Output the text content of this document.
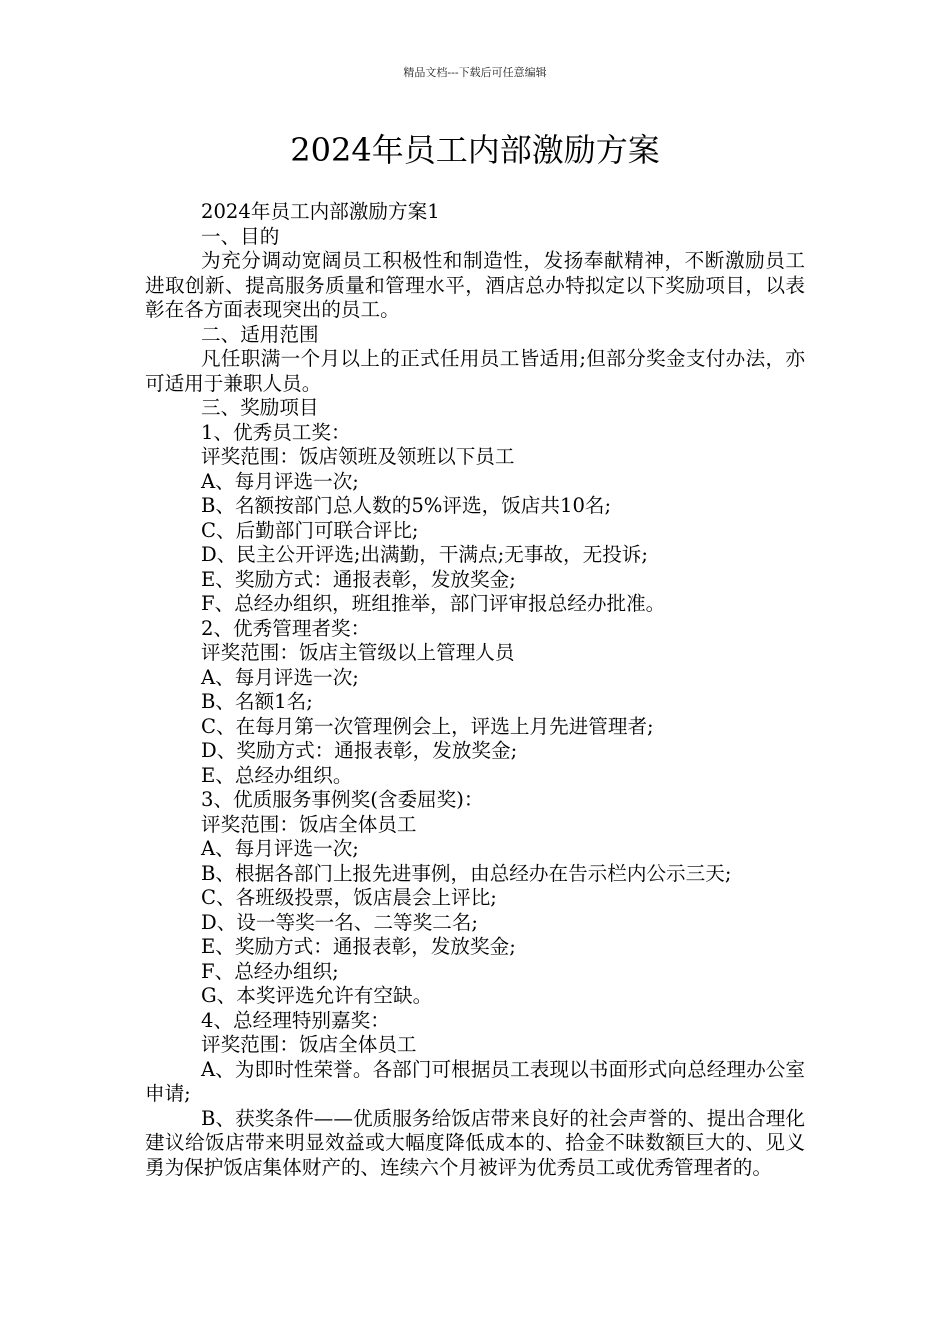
精品文档---下载后可任意编辑
2024年员工内部激励方案

2024年员工内部激励方案1

一、目的

为充分调动宽阔员工积极性和制造性，发扬奉献精神，不断激励员工进取创新、提高服务质量和管理水平，酒店总办特拟定以下奖励项目，以表彰在各方面表现突出的员工。

二、适用范围

凡任职满一个月以上的正式任用员工皆适用;但部分奖金支付办法，亦可适用于兼职人员。

三、奖励项目

1、优秀员工奖：

评奖范围：饭店领班及领班以下员工

A、每月评选一次;

B、名额按部门总人数的5%评选，饭店共10名;

C、后勤部门可联合评比;

D、民主公开评选;出满勤，干满点;无事故，无投诉;

E、奖励方式：通报表彰，发放奖金;

F、总经办组织，班组推举，部门评审报总经办批准。

2、优秀管理者奖：

评奖范围：饭店主管级以上管理人员

A、每月评选一次;

B、名额1名;

C、在每月第一次管理例会上，评选上月先进管理者;

D、奖励方式：通报表彰，发放奖金;

E、总经办组织。

3、优质服务事例奖(含委屈奖)：

评奖范围：饭店全体员工

A、每月评选一次;

B、根据各部门上报先进事例，由总经办在告示栏内公示三天;

C、各班级投票，饭店晨会上评比;

D、设一等奖一名、二等奖二名;

E、奖励方式：通报表彰，发放奖金;

F、总经办组织;

G、本奖评选允许有空缺。

4、总经理特别嘉奖：

评奖范围：饭店全体员工

A、为即时性荣誉。各部门可根据员工表现以书面形式向总经理办公室申请;

B、获奖条件——优质服务给饭店带来良好的社会声誉的、提出合理化建议给饭店带来明显效益或大幅度降低成本的、拾金不昧数额巨大的、见义勇为保护饭店集体财产的、连续六个月被评为优秀员工或优秀管理者的。
